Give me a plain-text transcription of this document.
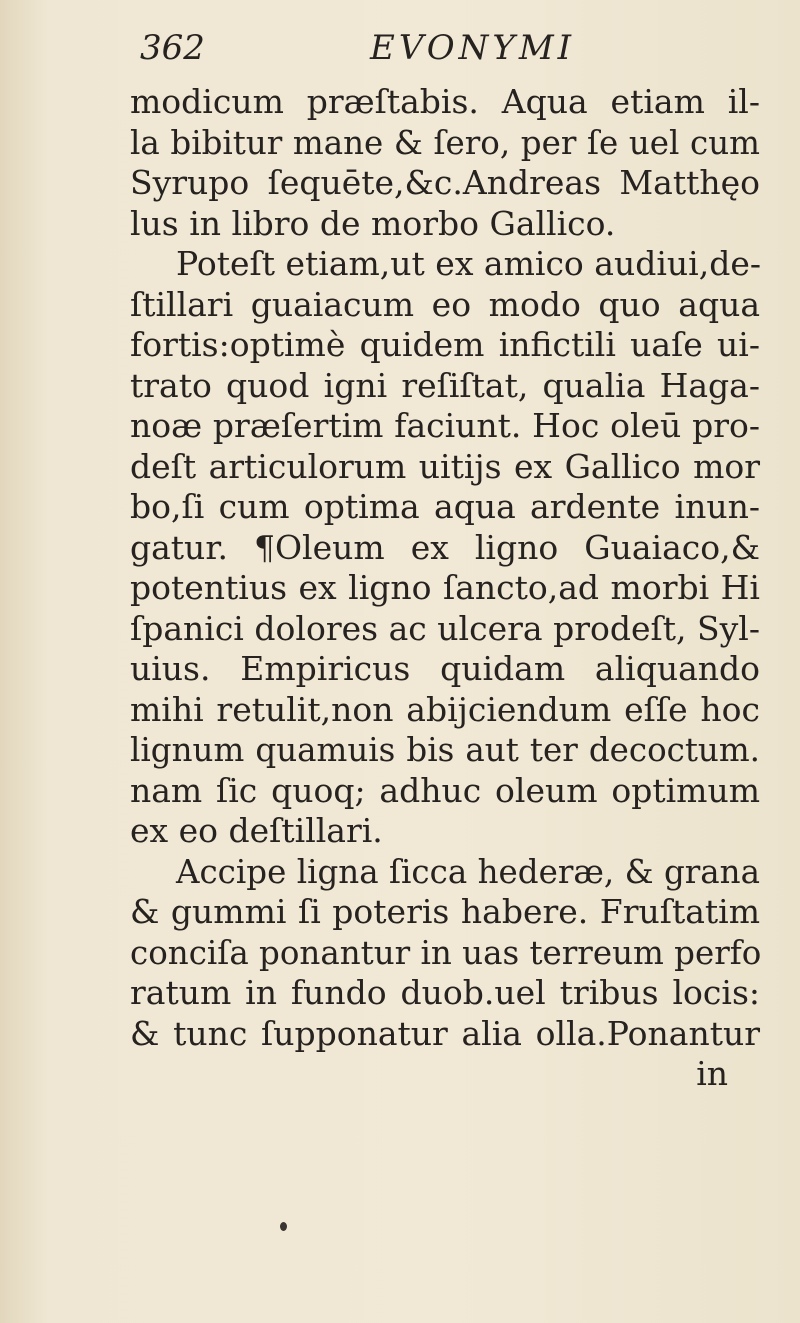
362	EVONYMI
modicum præſtabis. Aqua etiam il-
la bibitur mane & ſero, per ſe uel cum
Syrupo ſequēte,&c.Andreas Matthęo
lus in libro de morbo Gallico.
Poteſt etiam,ut ex amico audiui,de-
ſtillari guaiacum eo modo quo aqua
fortis:optimè quidem infictili uaſe ui-
trato quod igni reſiſtat, qualia Haga-
noæ præſertim faciunt. Hoc oleū pro-
deſt articulorum uitijs ex Gallico mor
bo,ſi cum optima aqua ardente inun-
gatur. ¶Oleum ex ligno Guaiaco,&
potentius ex ligno ſancto,ad morbi Hi
ſpanici dolores ac ulcera prodeſt, Syl-
uius. Empiricus quidam aliquando
mihi retulit,non abijciendum eſſe hoc
lignum quamuis bis aut ter decoctum.
nam ſic quoq; adhuc oleum optimum
ex eo deſtillari.
Accipe ligna ſicca hederæ, & grana
& gummi ſi poteris habere. Fruſtatim
conciſa ponantur in uas terreum perfo
ratum in fundo duob.uel tribus locis:
& tunc ſupponatur alia olla.Ponantur
in
